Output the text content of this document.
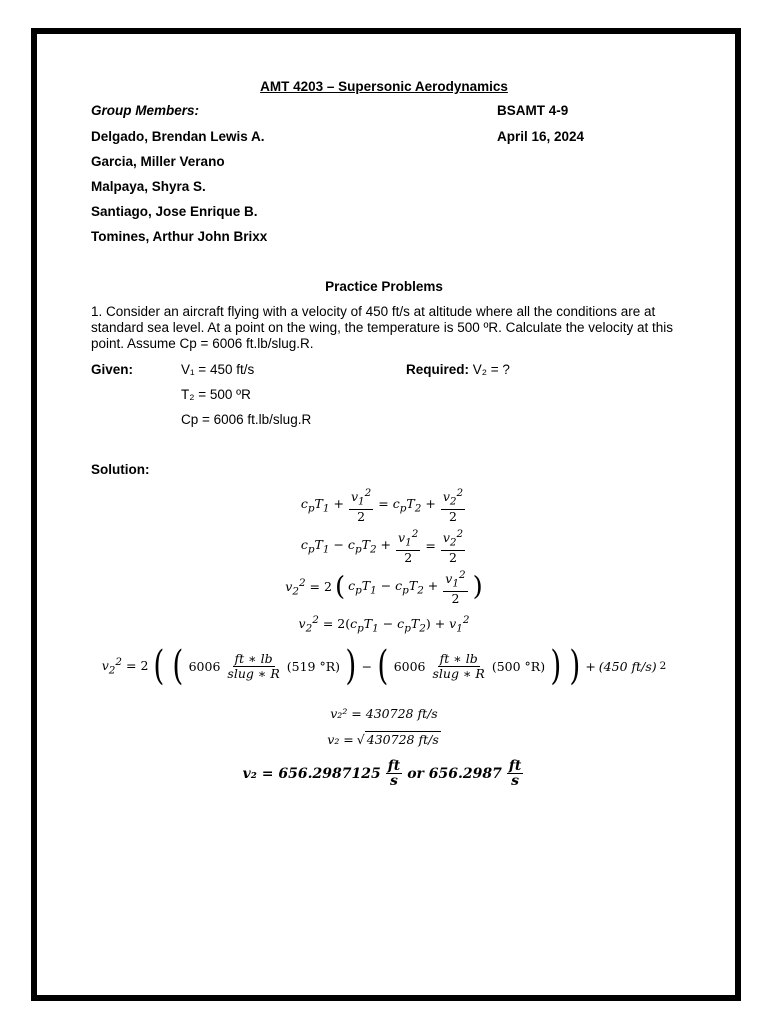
AMT 4203 – Supersonic Aerodynamics
Group Members:	BSAMT 4-9
April 16, 2024
Delgado, Brendan Lewis A.
Garcia, Miller Verano
Malpaya, Shyra S.
Santiago, Jose Enrique B.
Tomines, Arthur John Brixx
Practice Problems
1. Consider an aircraft flying with a velocity of 450 ft/s at altitude where all the conditions are at standard sea level. At a point on the wing, the temperature is 500 ºR. Calculate the velocity at this point. Assume Cp = 6006 ft.lb/slug.R.
Given:	V₁ = 450 ft/s
T₂ = 500 ºR
Cp = 6006 ft.lb/slug.R
Required: V₂ = ?
Solution:
$c_pT_1 + \frac{v_1^2}{2} = c_pT_2 + \frac{v_2^2}{2}$
$c_pT_1 - c_pT_2 + \frac{v_1^2}{2} = \frac{v_2^2}{2}$
$v_2^2 = 2$ ( $c_pT_1 - c_pT_2 + \frac{v_1^2}{2}$ )
$v_2^2 = 2(c_pT_1 - c_pT_2) + v_1^2$
$v_2^2 = 2$ ( ( $6006 \frac{ft ∗ lb}{\text{slug ∗ R}} (519$ °R) ) − ( $6006 \frac{ft ∗ lb}{\text{slug ∗ R}} (500$ °R) ) ) + (450 ft/s) 2
v₂² = 430728 ft/s
v₂ = √ 430728 ft/s
$v_2 = 656.2987125 \frac{ft}{s}$ or $656.2987 \frac{ft}{s}$
